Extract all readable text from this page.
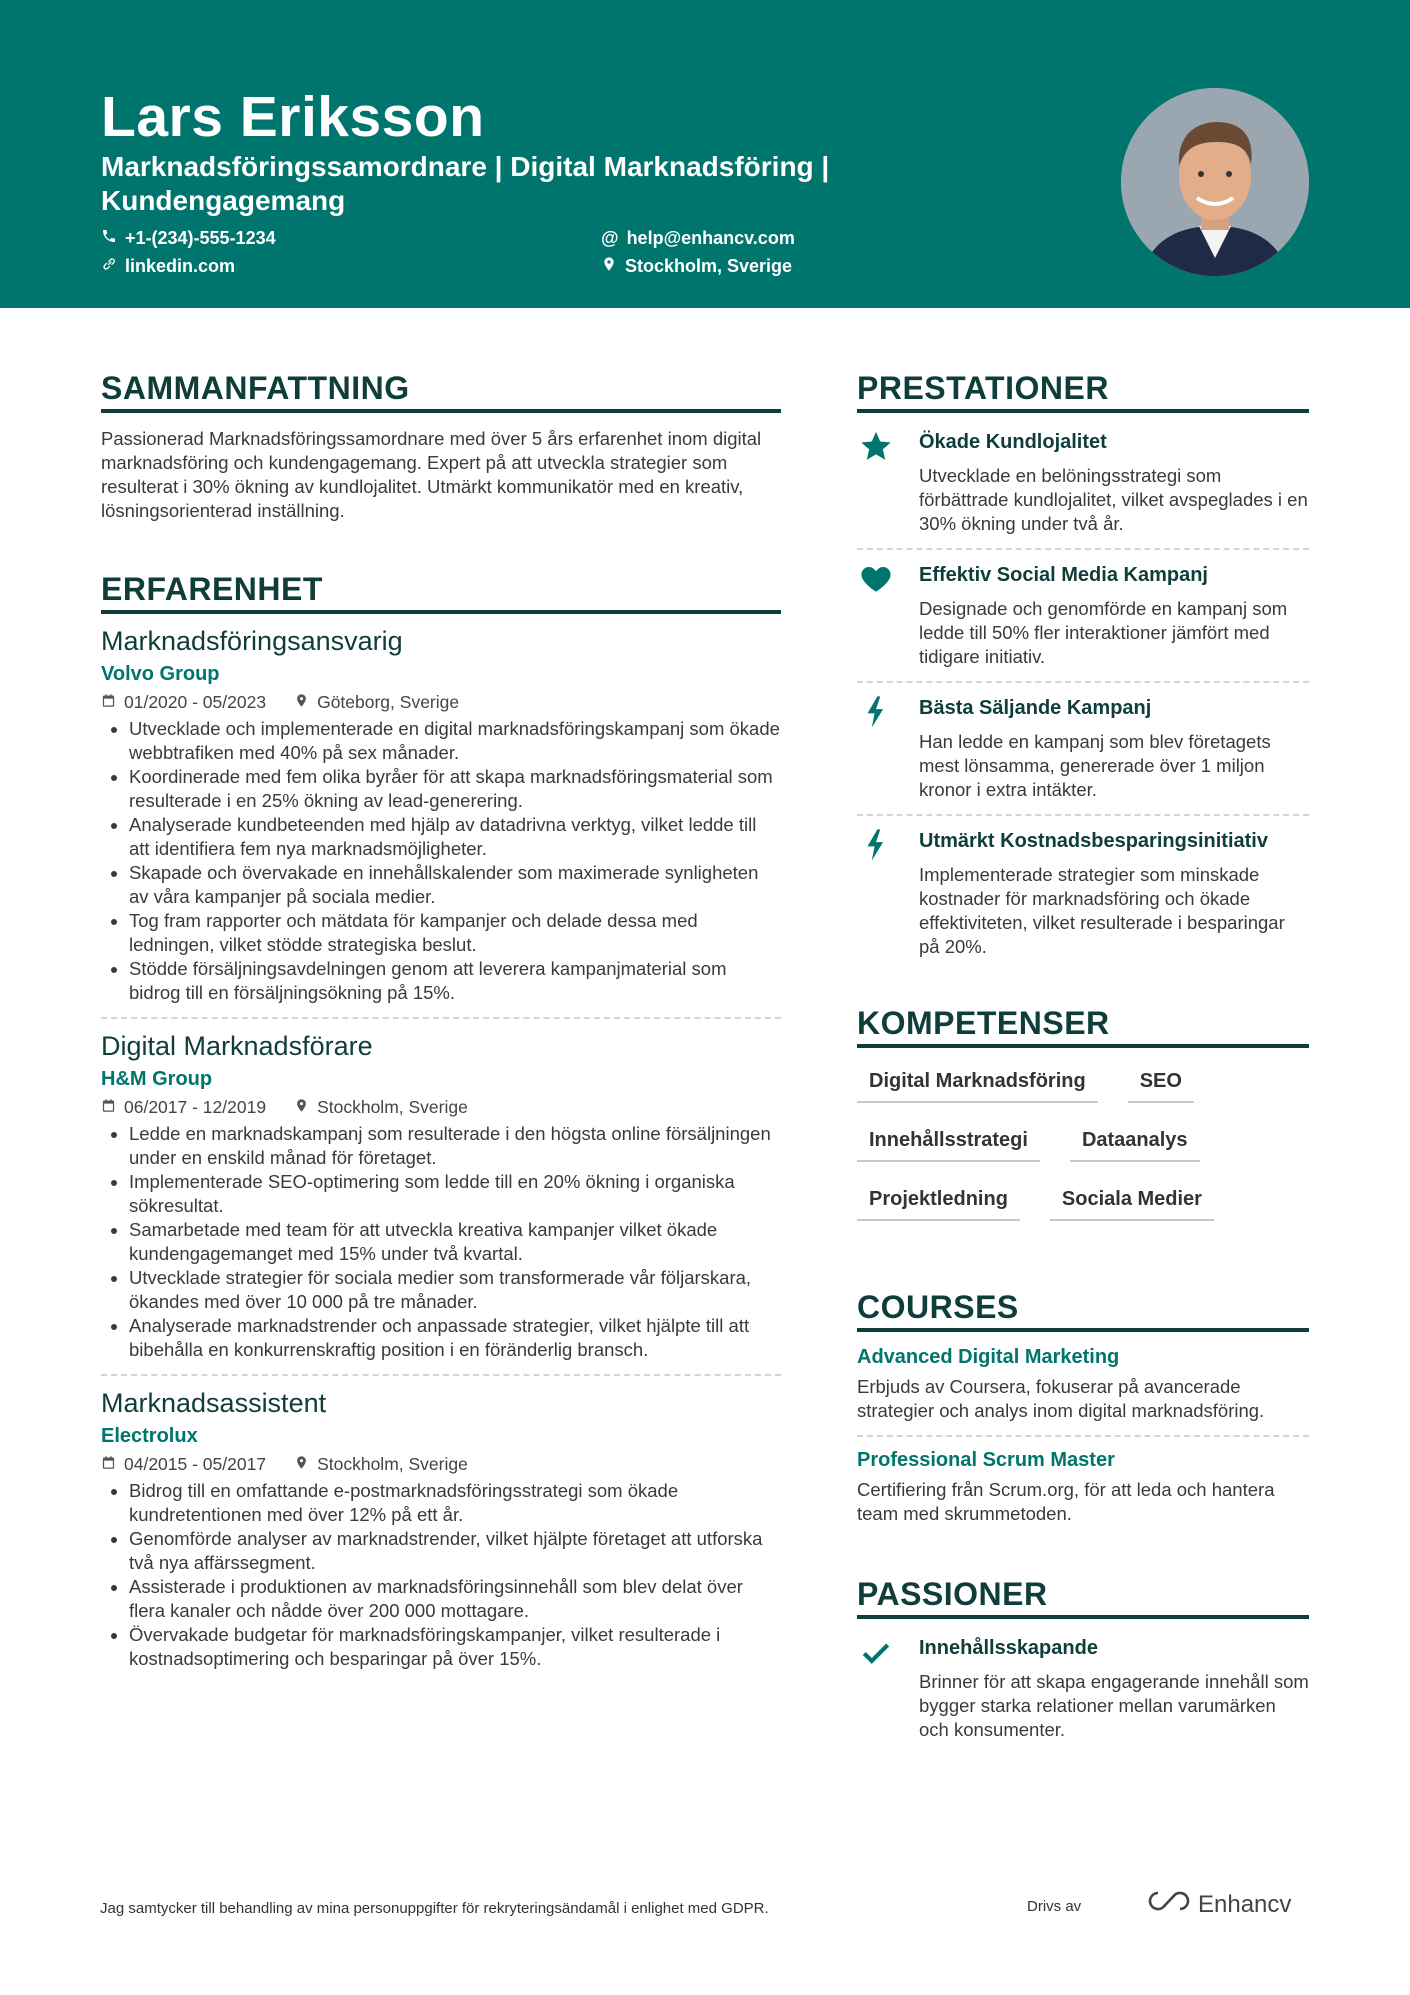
Lars Eriksson
Marknadsföringssamordnare | Digital Marknadsföring | Kundengagemang
+1-(234)-555-1234	@ help@enhancv.com
linkedin.com	Stockholm, Sverige
SAMMANFATTNING

Passionerad Marknadsföringssamordnare med över 5 års erfarenhet inom digital marknadsföring och kundengagemang. Expert på att utveckla strategier som resulterat i 30% ökning av kundlojalitet. Utmärkt kommunikatör med en kreativ, lösningsorienterad inställning.

ERFARENHET
Marknadsföringsansvarig
Volvo Group
01/2020 - 05/2023	Göteborg, Sverige
• Utvecklade och implementerade en digital marknadsföringskampanj som ökade webbtrafiken med 40% på sex månader.
• Koordinerade med fem olika byråer för att skapa marknadsföringsmaterial som resulterade i en 25% ökning av lead-generering.
• Analyserade kundbeteenden med hjälp av datadrivna verktyg, vilket ledde till att identifiera fem nya marknadsmöjligheter.
• Skapade och övervakade en innehållskalender som maximerade synligheten av våra kampanjer på sociala medier.
• Tog fram rapporter och mätdata för kampanjer och delade dessa med ledningen, vilket stödde strategiska beslut.
• Stödde försäljningsavdelningen genom att leverera kampanjmaterial som bidrog till en försäljningsökning på 15%.
Digital Marknadsförare
H&M Group
06/2017 - 12/2019	Stockholm, Sverige
• Ledde en marknadskampanj som resulterade i den högsta online försäljningen under en enskild månad för företaget.
• Implementerade SEO-optimering som ledde till en 20% ökning i organiska sökresultat.
• Samarbetade med team för att utveckla kreativa kampanjer vilket ökade kundengagemanget med 15% under två kvartal.
• Utvecklade strategier för sociala medier som transformerade vår följarskara, ökandes med över 10 000 på tre månader.
• Analyserade marknadstrender och anpassade strategier, vilket hjälpte till att bibehålla en konkurrenskraftig position i en föränderlig bransch.
Marknadsassistent
Electrolux
04/2015 - 05/2017	Stockholm, Sverige
• Bidrog till en omfattande e-postmarknadsföringsstrategi som ökade kundretentionen med över 12% på ett år.
• Genomförde analyser av marknadstrender, vilket hjälpte företaget att utforska två nya affärssegment.
• Assisterade i produktionen av marknadsföringsinnehåll som blev delat över flera kanaler och nådde över 200 000 mottagare.
• Övervakade budgetar för marknadsföringskampanjer, vilket resulterade i kostnadsoptimering och besparingar på över 15%.
PRESTATIONER
Ökade Kundlojalitet
Utvecklade en belöningsstrategi som förbättrade kundlojalitet, vilket avspeglades i en 30% ökning under två år.
Effektiv Social Media Kampanj
Designade och genomförde en kampanj som ledde till 50% fler interaktioner jämfört med tidigare initiativ.
Bästa Säljande Kampanj
Han ledde en kampanj som blev företagets mest lönsamma, genererade över 1 miljon kronor i extra intäkter.
Utmärkt Kostnadsbesparingsinitiativ
Implementerade strategier som minskade kostnader för marknadsföring och ökade effektiviteten, vilket resulterade i besparingar på 20%.
KOMPETENSER
Digital Marknadsföring	SEO
Innehållsstrategi	Dataanalys
Projektledning	Sociala Medier
COURSES
Advanced Digital Marketing
Erbjuds av Coursera, fokuserar på avancerade strategier och analys inom digital marknadsföring.
Professional Scrum Master
Certifiering från Scrum.org, för att leda och hantera team med skrummetoden.
PASSIONER
Innehållsskapande
Brinner för att skapa engagerande innehåll som bygger starka relationer mellan varumärken och konsumenter.
Jag samtycker till behandling av mina personuppgifter för rekryteringsändamål i enlighet med GDPR.	Drivs av	Enhancv
